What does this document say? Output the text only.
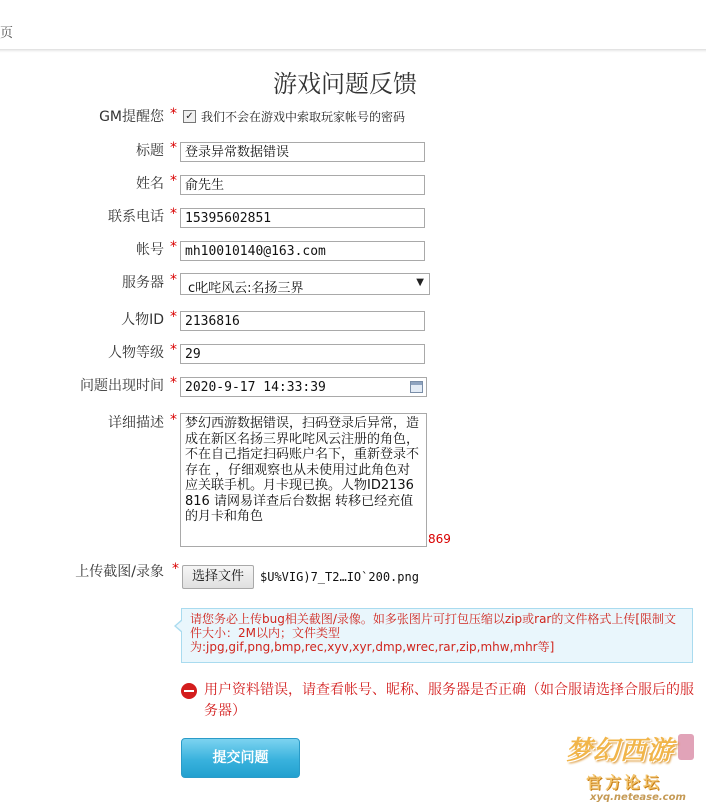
页
游戏问题反馈
GM提醒您 * ✓ 我们不会在游戏中索取玩家帐号的密码
标题 * 登录异常数据错误
姓名 * 俞先生
联系电话 * 15395602851
帐号 * mh10010140@163.com
服务器 *
c叱咤风云:名扬三界	▼
人物ID * 2136816
人物等级 * 29
问题出现时间 * 2020-9-17 14:33:39
详细描述 * 梦幻西游数据错误，扫码登录后异常，造成在新区名扬三界叱咤风云注册的角色，不在自己指定扫码账户名下，重新登录不存在 ，仔细观察也从未使用过此角色对应关联手机。月卡现已换。人物ID2136816 请网易详查后台数据 转移已经充值的月卡和角色
869
上传截图/录象 * 选择文件	$U%VIG)7_T2…IO`200.png
请您务必上传bug相关截图/录像。如多张图片可打包压缩以zip或rar的文件格式上传[限制文件大小：2M以内；文件类型为:jpg,gif,png,bmp,rec,xyv,xyr,dmp,wrec,rar,zip,mhw,mhr等]
用户资料错误，请查看帐号、昵称、服务器是否正确（如合服请选择合服后的服务器）
提交问题	梦幻西游
官方论坛
xyq.netease.com
